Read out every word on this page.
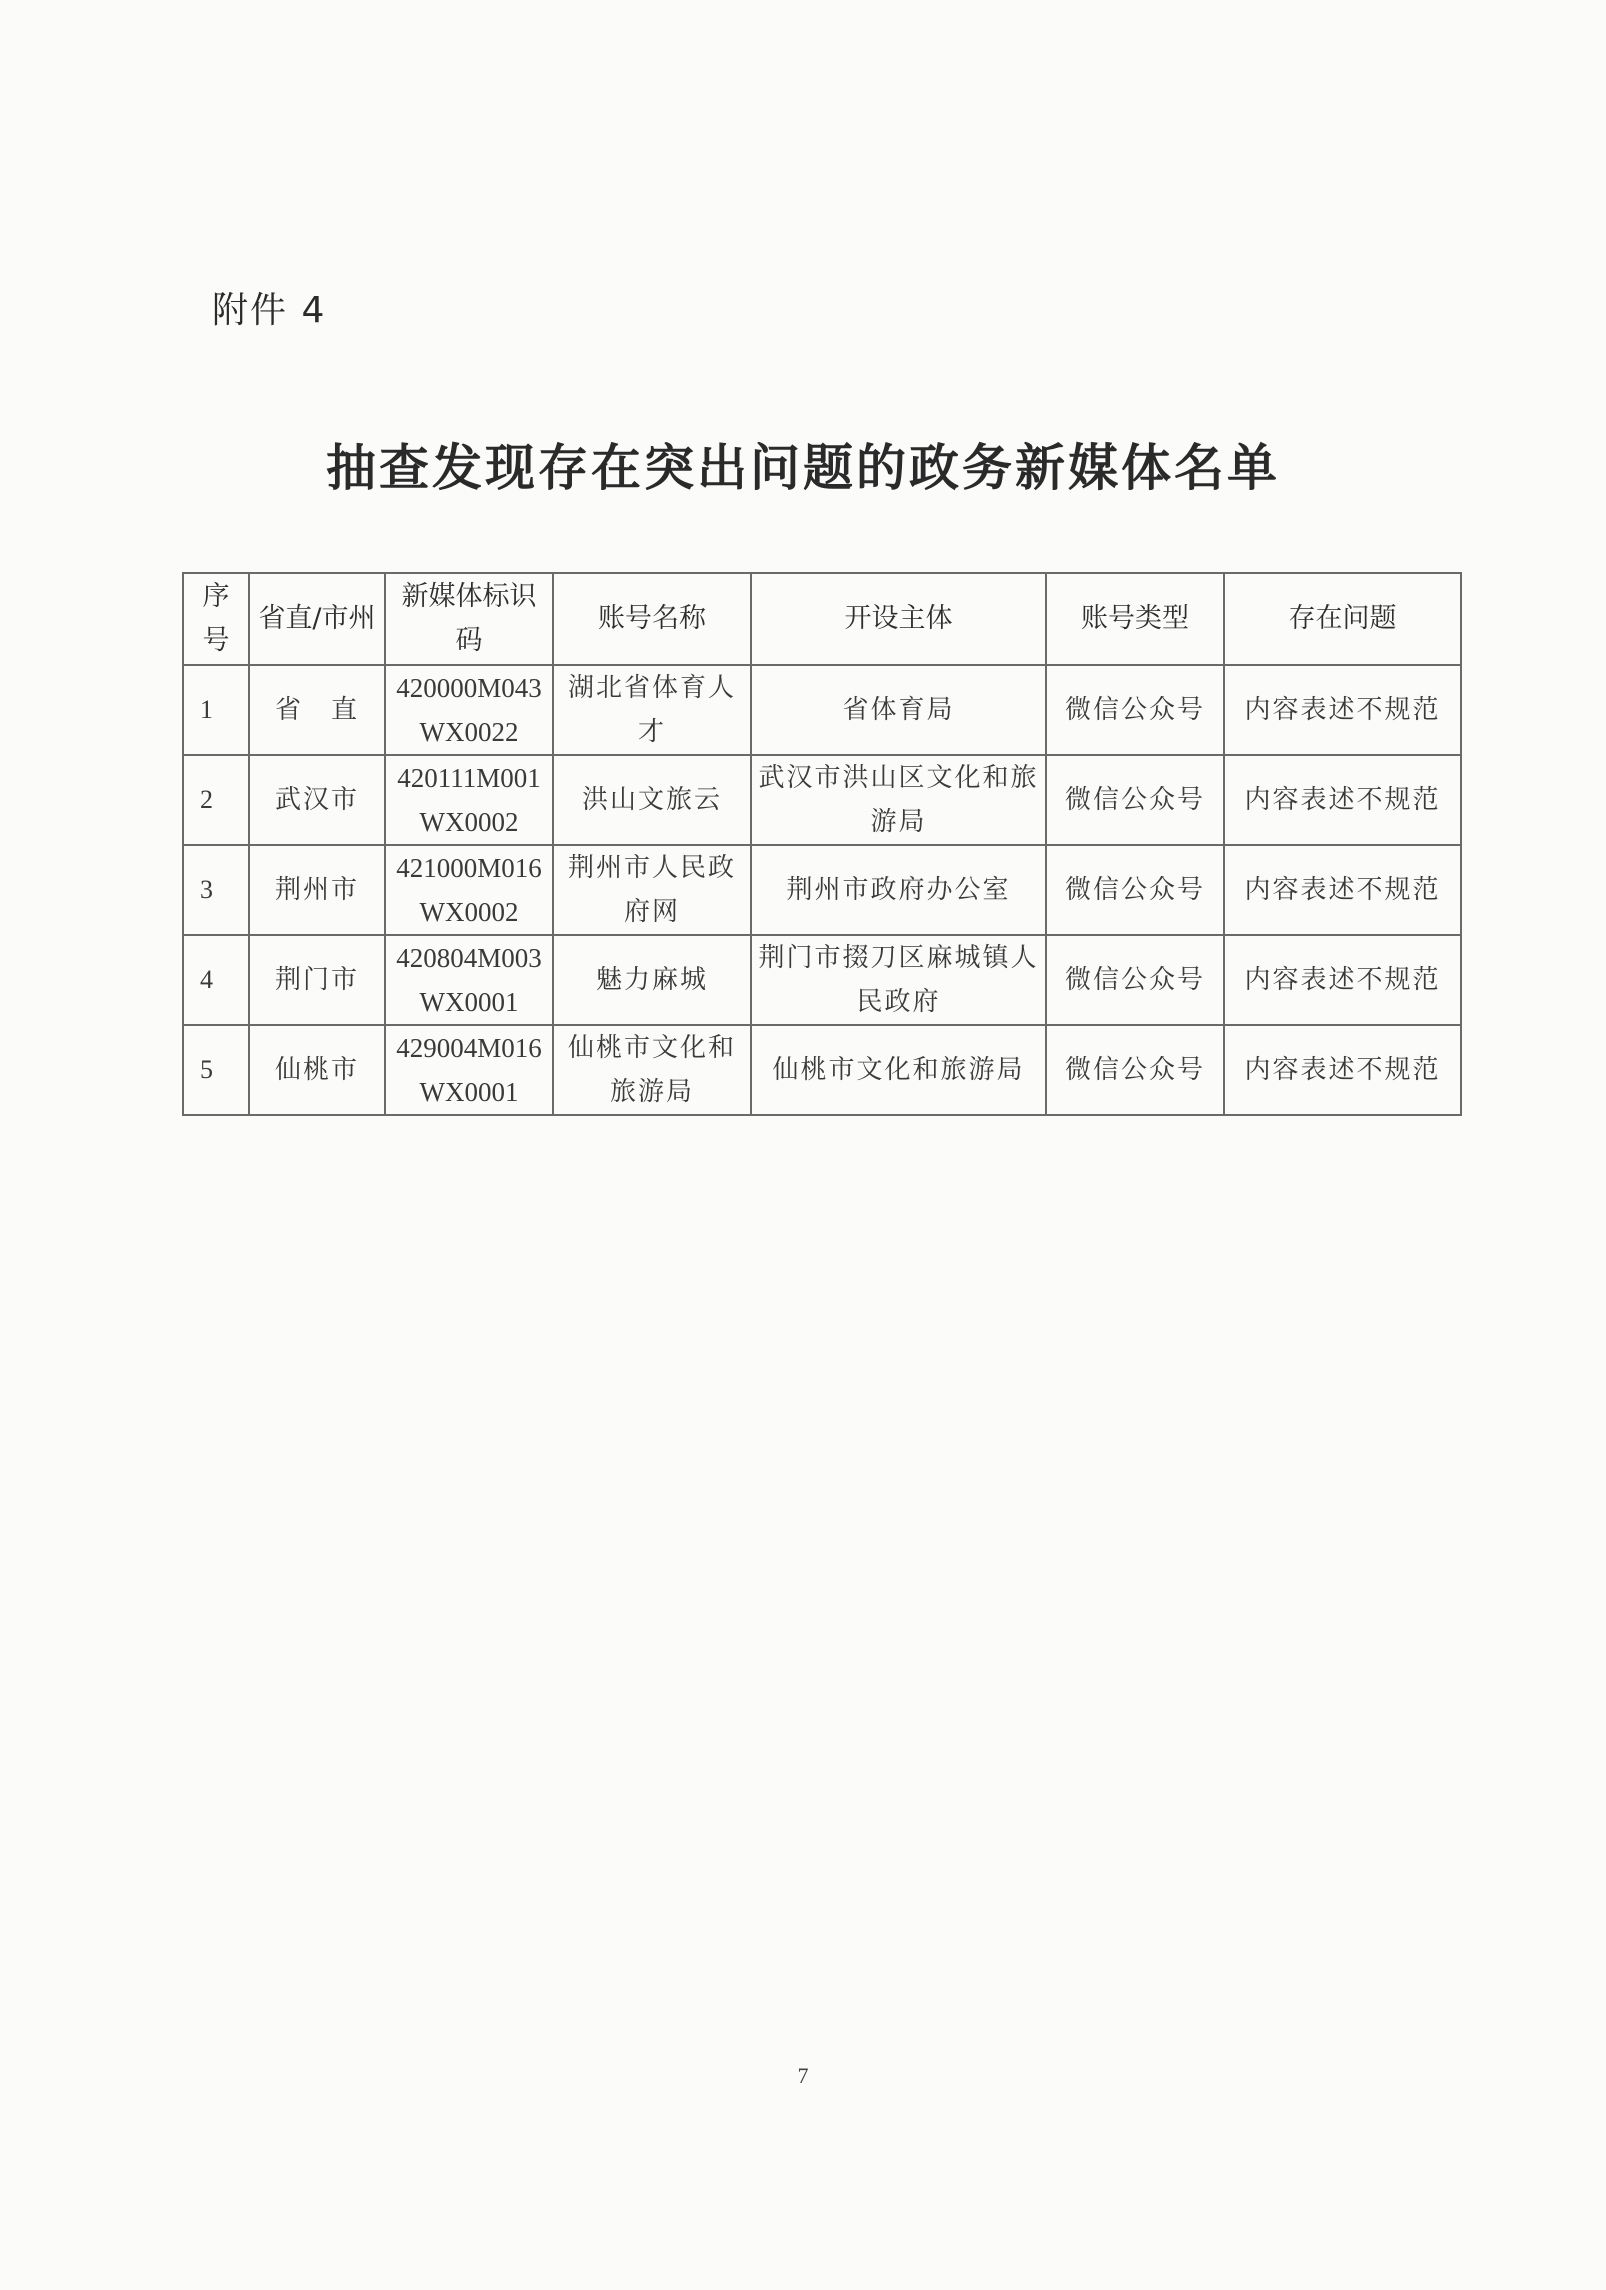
附件 4
抽查发现存在突出问题的政务新媒体名单
序号	省直/市州	新媒体标识码	账号名称	开设主体	账号类型	存在问题
1	省　直	420000M043WX0022	湖北省体育人才	省体育局	微信公众号	内容表述不规范
2	武汉市	420111M001WX0002	洪山文旅云	武汉市洪山区文化和旅游局	微信公众号	内容表述不规范
3	荆州市	421000M016WX0002	荆州市人民政府网	荆州市政府办公室	微信公众号	内容表述不规范
4	荆门市	420804M003WX0001	魅力麻城	荆门市掇刀区麻城镇人民政府	微信公众号	内容表述不规范
5	仙桃市	429004M016WX0001	仙桃市文化和旅游局	仙桃市文化和旅游局	微信公众号	内容表述不规范
7
